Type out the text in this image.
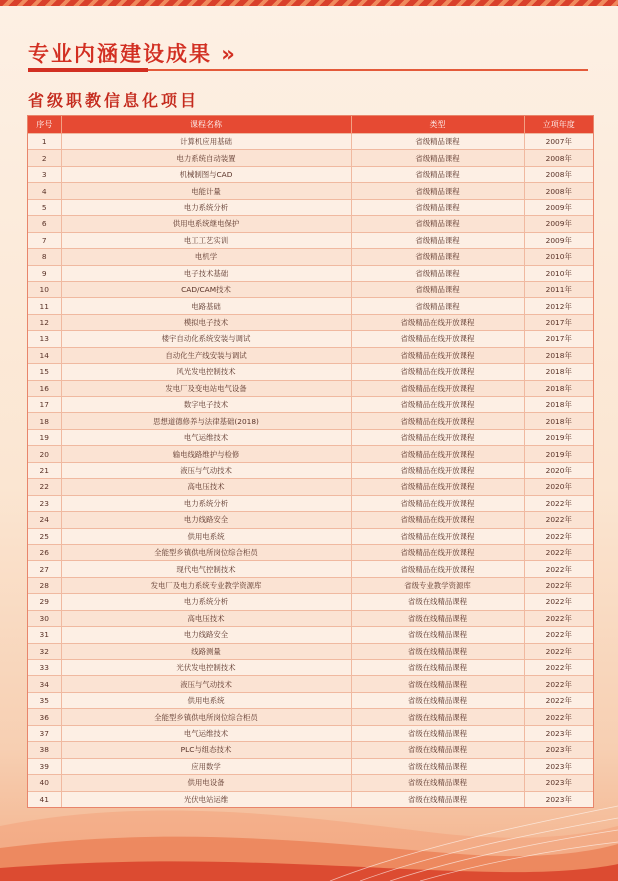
专业内涵建设成果 »
省级职教信息化项目
序号	课程名称	类型	立项年度
1	计算机应用基础	省级精品课程	2007年
2	电力系统自动装置	省级精品课程	2008年
3	机械制图与CAD	省级精品课程	2008年
4	电能计量	省级精品课程	2008年
5	电力系统分析	省级精品课程	2009年
6	供用电系统继电保护	省级精品课程	2009年
7	电工工艺实训	省级精品课程	2009年
8	电机学	省级精品课程	2010年
9	电子技术基础	省级精品课程	2010年
10	CAD/CAM技术	省级精品课程	2011年
11	电路基础	省级精品课程	2012年
12	模拟电子技术	省级精品在线开放课程	2017年
13	楼宇自动化系统安装与调试	省级精品在线开放课程	2017年
14	自动化生产线安装与调试	省级精品在线开放课程	2018年
15	风光发电控制技术	省级精品在线开放课程	2018年
16	发电厂及变电站电气设备	省级精品在线开放课程	2018年
17	数字电子技术	省级精品在线开放课程	2018年
18	思想道德修养与法律基础(2018)	省级精品在线开放课程	2018年
19	电气运维技术	省级精品在线开放课程	2019年
20	输电线路维护与检修	省级精品在线开放课程	2019年
21	液压与气动技术	省级精品在线开放课程	2020年
22	高电压技术	省级精品在线开放课程	2020年
23	电力系统分析	省级精品在线开放课程	2022年
24	电力线路安全	省级精品在线开放课程	2022年
25	供用电系统	省级精品在线开放课程	2022年
26	全能型乡镇供电所岗位综合柜员	省级精品在线开放课程	2022年
27	现代电气控制技术	省级精品在线开放课程	2022年
28	发电厂及电力系统专业教学资源库	省级专业教学资源库	2022年
29	电力系统分析	省级在线精品课程	2022年
30	高电压技术	省级在线精品课程	2022年
31	电力线路安全	省级在线精品课程	2022年
32	线路测量	省级在线精品课程	2022年
33	光伏发电控制技术	省级在线精品课程	2022年
34	液压与气动技术	省级在线精品课程	2022年
35	供用电系统	省级在线精品课程	2022年
36	全能型乡镇供电所岗位综合柜员	省级在线精品课程	2022年
37	电气运维技术	省级在线精品课程	2023年
38	PLC与组态技术	省级在线精品课程	2023年
39	应用数学	省级在线精品课程	2023年
40	供用电设备	省级在线精品课程	2023年
41	光伏电站运维	省级在线精品课程	2023年
